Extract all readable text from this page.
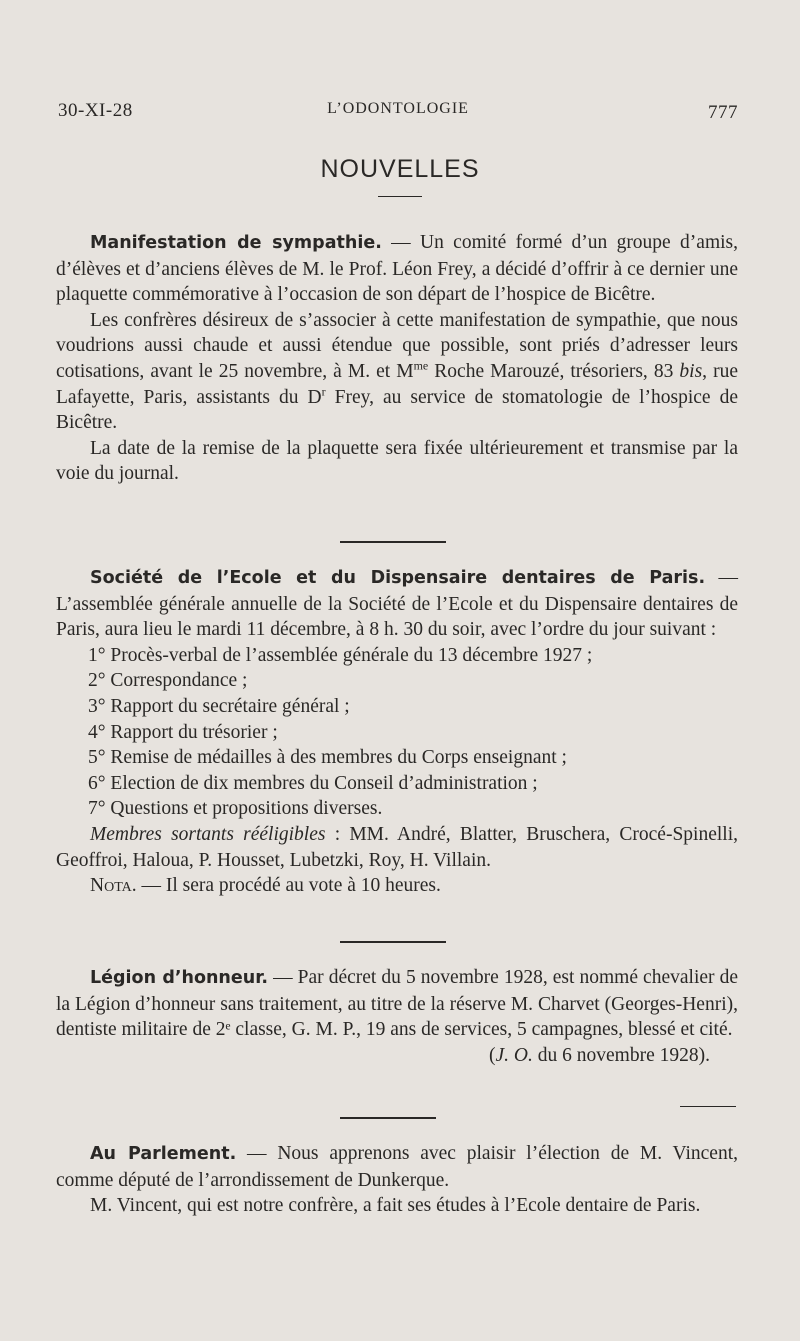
30-XI-28	L’ODONTOLOGIE	777
NOUVELLES

Manifestation de sympathie. — Un comité formé d’un groupe d’amis, d’élèves et d’anciens élèves de M. le Prof. Léon Frey, a décidé d’offrir à ce dernier une plaquette commémorative à l’occasion de son départ de l’hospice de Bicêtre.

Les confrères désireux de s’associer à cette manifestation de sympathie, que nous voudrions aussi chaude et aussi étendue que possible, sont priés d’adresser leurs cotisations, avant le 25 novembre, à M. et $M^{me}$ Roche Marouzé, trésoriers, 83 bis, rue Lafayette, Paris, assistants du $D^r$ Frey, au service de stomatologie de l’hospice de Bicêtre.

La date de la remise de la plaquette sera fixée ultérieurement et transmise par la voie du journal.

Société de l’Ecole et du Dispensaire dentaires de Paris. — L’assemblée générale annuelle de la Société de l’Ecole et du Dispensaire dentaires de Paris, aura lieu le mardi 11 décembre, à 8 h. 30 du soir, avec l’ordre du jour suivant :

1° Procès-verbal de l’assemblée générale du 13 décembre 1927 ;

2° Correspondance ;

3° Rapport du secrétaire général ;

4° Rapport du trésorier ;

5° Remise de médailles à des membres du Corps enseignant ;

6° Election de dix membres du Conseil d’administration ;

7° Questions et propositions diverses.

Membres sortants rééligibles : MM. André, Blatter, Bruschera, Crocé-Spinelli, Geoffroi, Haloua, P. Housset, Lubetzki, Roy, H. Villain.

Nota. — Il sera procédé au vote à 10 heures.

Légion d’honneur. — Par décret du 5 novembre 1928, est nommé chevalier de la Légion d’honneur sans traitement, au titre de la réserve M. Charvet (Georges-Henri), dentiste militaire de 2ᵉ classe, G. M. P., 19 ans de services, 5 campagnes, blessé et cité.

(J. O. du 6 novembre 1928).

Au Parlement. — Nous apprenons avec plaisir l’élection de M. Vincent, comme député de l’arrondissement de Dunkerque.

M. Vincent, qui est notre confrère, a fait ses études à l’Ecole dentaire de Paris.
